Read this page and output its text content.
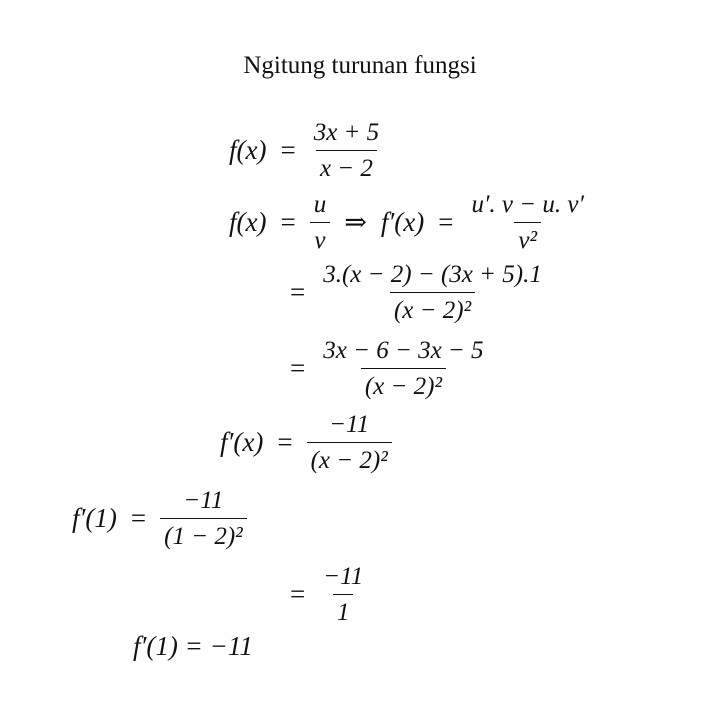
Ngitung turunan fungsi
$f(x) = \frac{3x + 5}{x - 2}$
$f(x) = \frac{u}{v}$ ⇒ $f'(x) = \frac{u'. v - u. v'}{\text{v²}}$
= $\frac{3.(x - 2) - (3x + 5).1}{\text{(x − 2)²}}$
= $\frac{3x - 6 - 3x - 5}{\text{(x − 2)²}}$
$f'(x) = \frac{-11}{\text{(x − 2)²}}$
$f'(1) = \frac{-11}{\text{(1 − 2)²}}$
= $\frac{-11}{1}$
f′(1) = −11
